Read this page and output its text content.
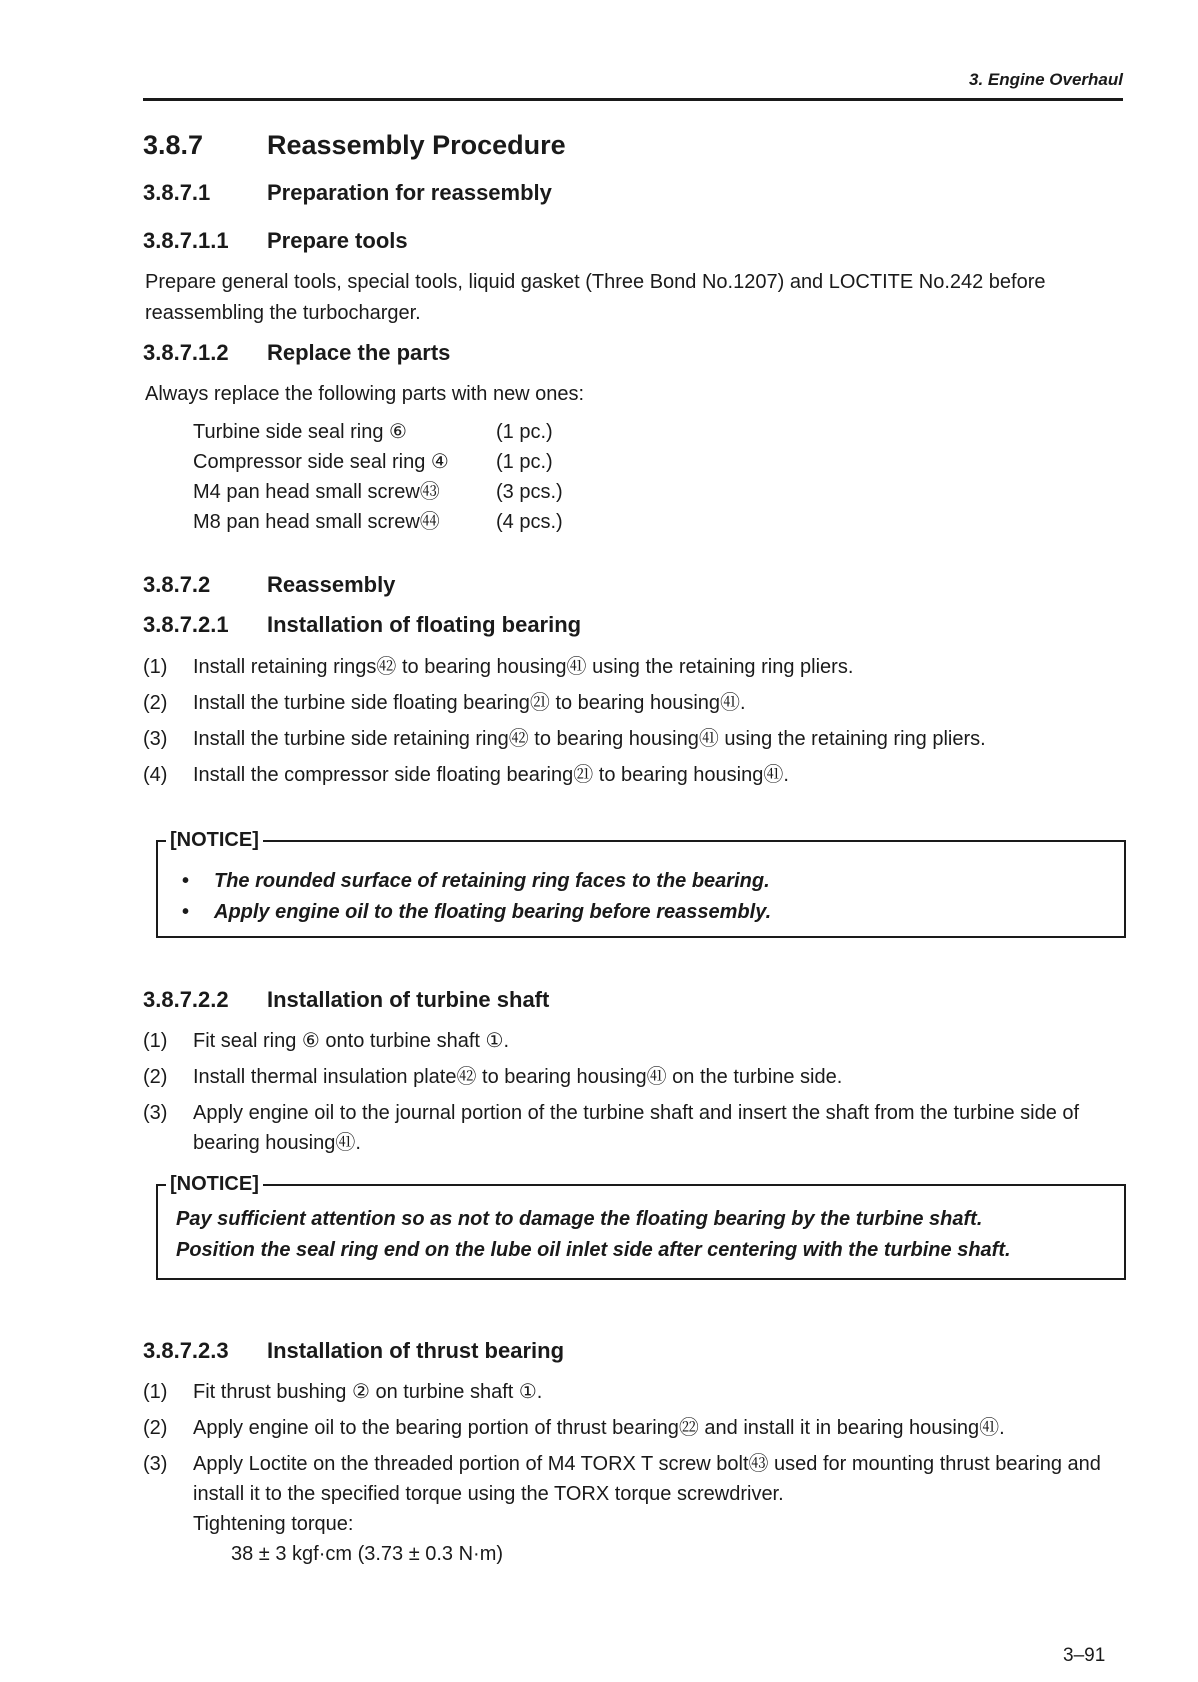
3. Engine Overhaul
3.8.7 Reassembly Procedure
3.8.7.1	Preparation for reassembly
3.8.7.1.1 Prepare tools
Prepare general tools, special tools, liquid gasket (Three Bond No.1207) and LOCTITE No.242 before reassembling the turbocharger.
3.8.7.1.2 Replace the parts
Always replace the following parts with new ones:
Turbine side seal ring ⑥	(1 pc.)
Compressor side seal ring ④ (1 pc.)
M4 pan head small screw㊸	(3 pcs.)
M8 pan head small screw㊹	(4 pcs.)
3.8.7.2	Reassembly
3.8.7.2.1 Installation of floating bearing
(1) Install retaining rings㊷ to bearing housing㊶ using the retaining ring pliers.
(2) Install the turbine side floating bearing㉑ to bearing housing㊶.
(3) Install the turbine side retaining ring㊷ to bearing housing㊶ using the retaining ring pliers.
(4) Install the compressor side floating bearing㉑ to bearing housing㊶.
[NOTICE]
• The rounded surface of retaining ring faces to the bearing.
• Apply engine oil to the floating bearing before reassembly.
3.8.7.2.2 Installation of turbine shaft
(1) Fit seal ring ⑥ onto turbine shaft ①.
(2) Install thermal insulation plate㊷ to bearing housing㊶ on the turbine side.
(3) Apply engine oil to the journal portion of the turbine shaft and insert the shaft from the turbine side of bearing housing㊶.
[NOTICE]
Pay sufficient attention so as not to damage the floating bearing by the turbine shaft.
Position the seal ring end on the lube oil inlet side after centering with the turbine shaft.
3.8.7.2.3 Installation of thrust bearing
(1) Fit thrust bushing ② on turbine shaft ①.
(2) Apply engine oil to the bearing portion of thrust bearing㉒ and install it in bearing housing㊶.
(3) Apply Loctite on the threaded portion of M4 TORX T screw bolt㊸ used for mounting thrust bearing and install it to the specified torque using the TORX torque screwdriver.
Tightening torque:
38 ± 3 kgf·cm (3.73 ± 0.3 N·m)
3–91
